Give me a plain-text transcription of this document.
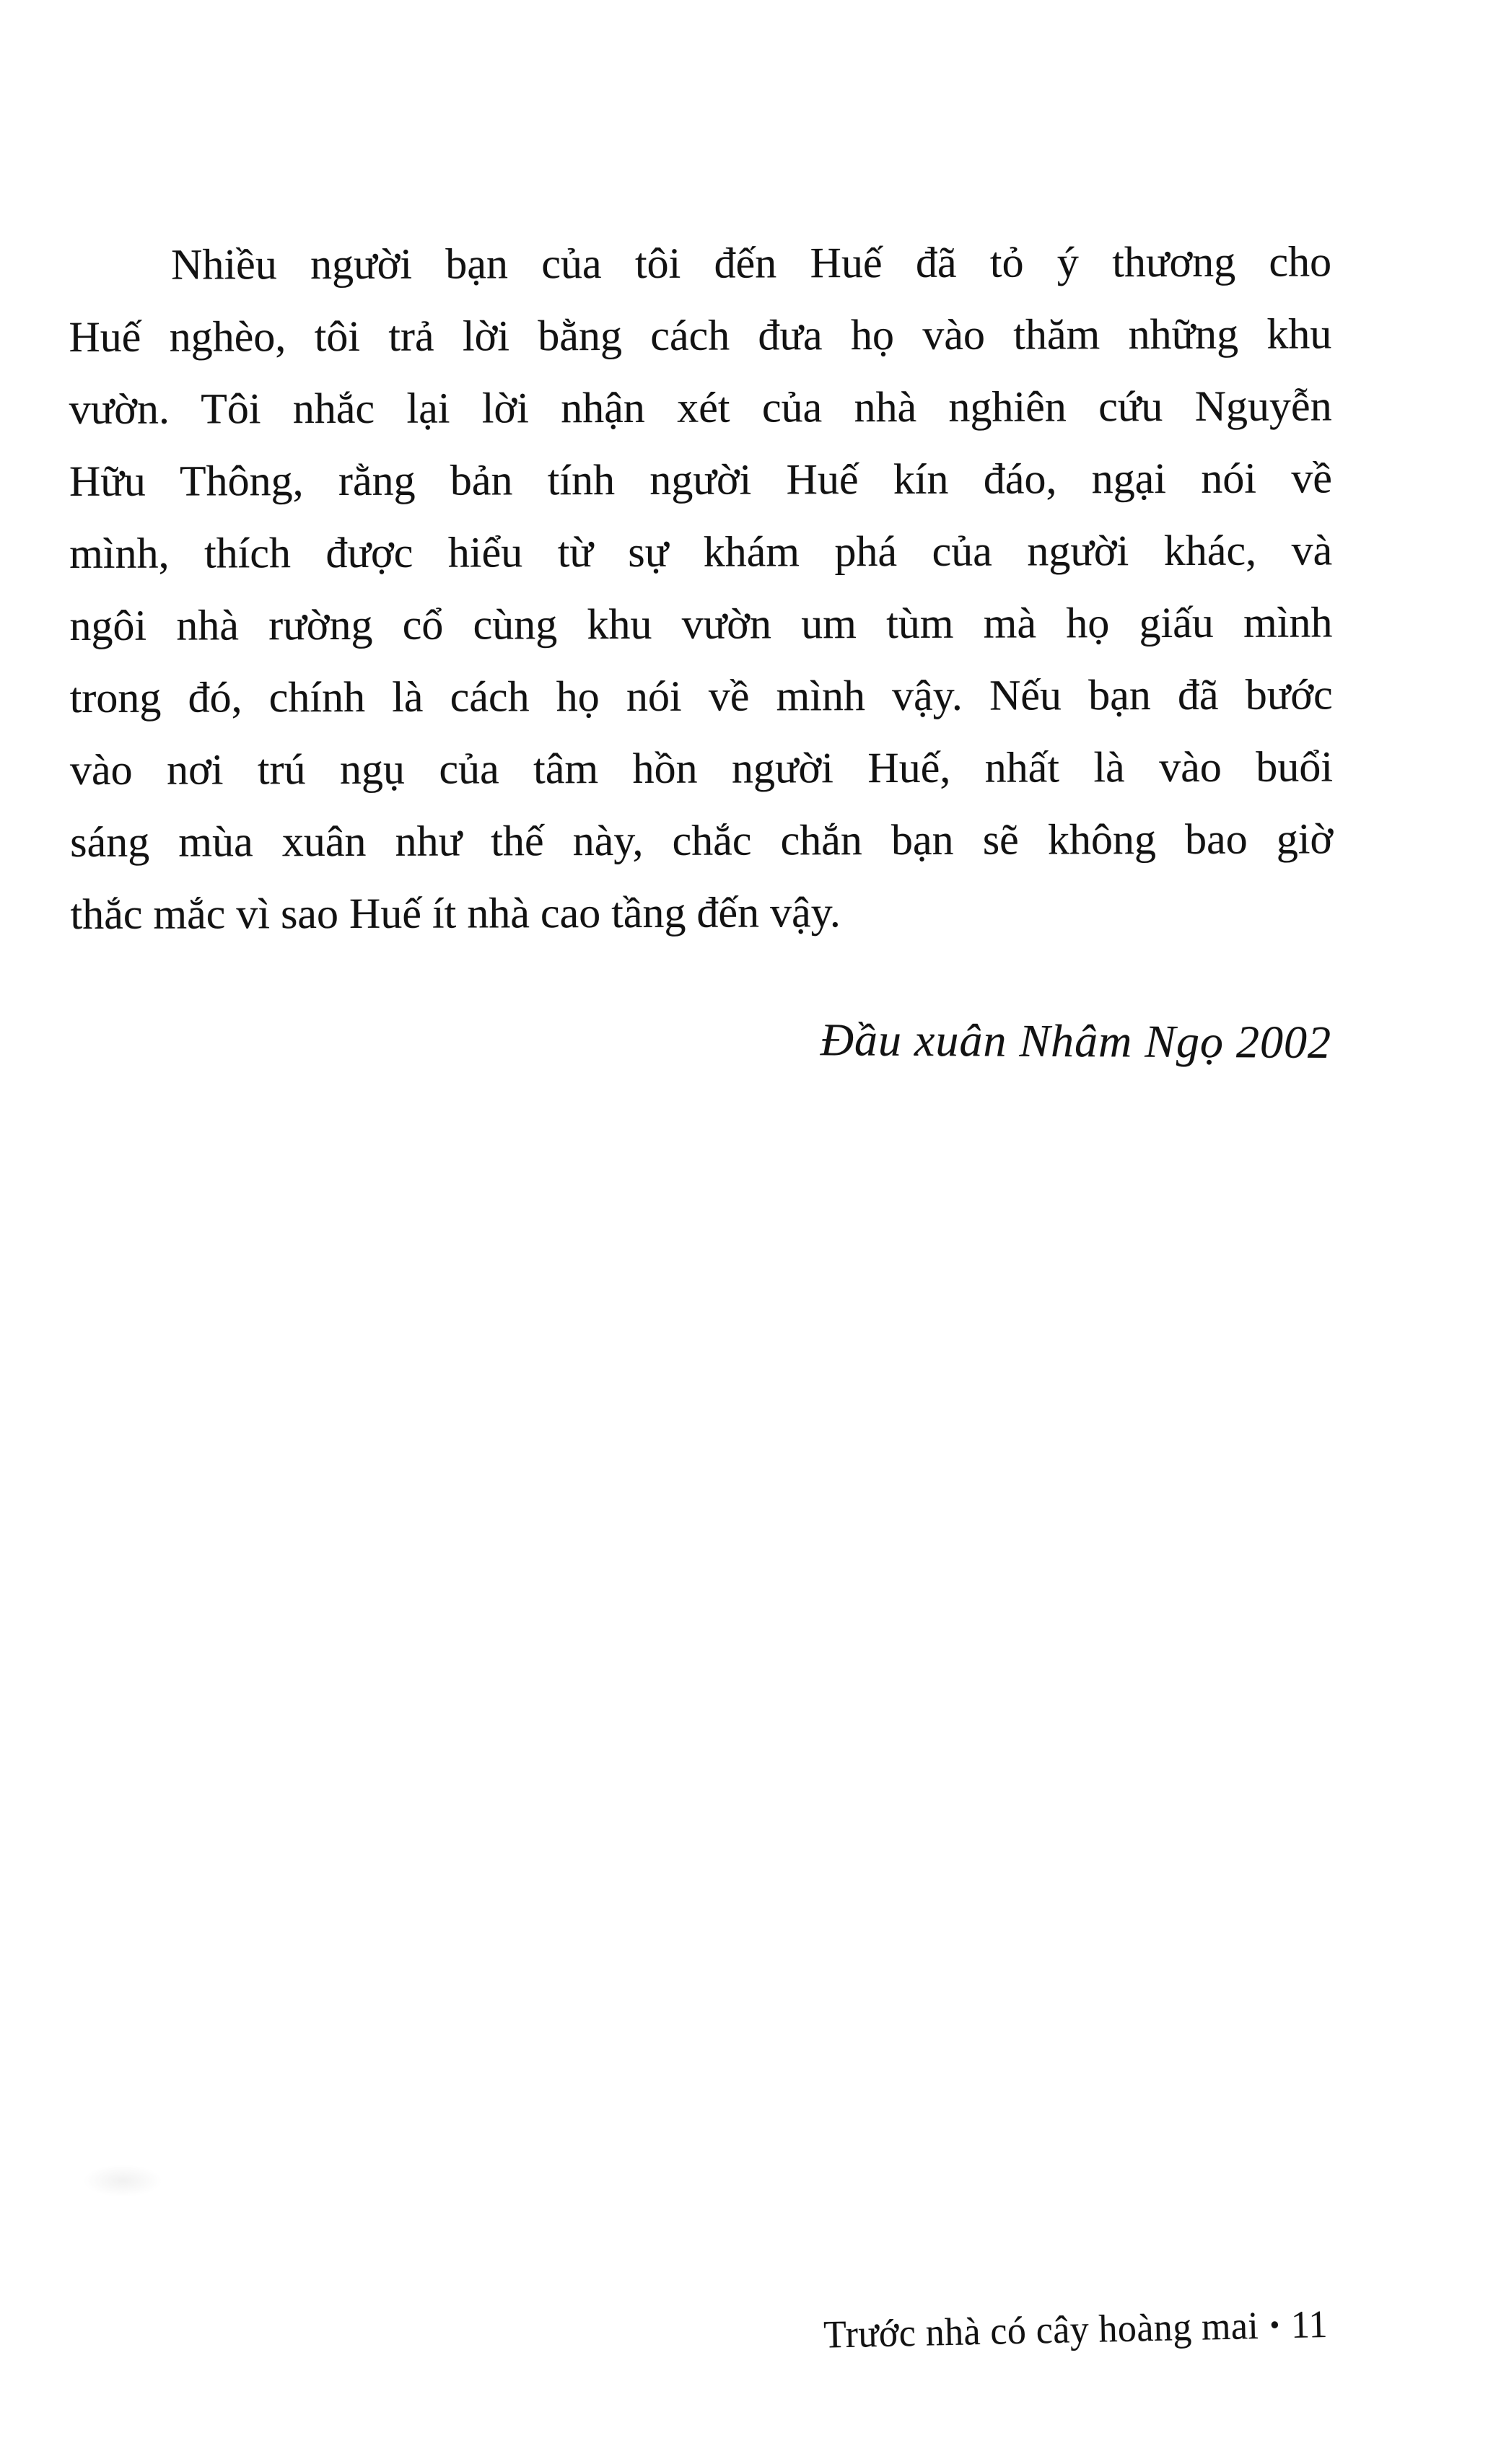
Nhiều người bạn của tôi đến Huế đã tỏ ý thương cho
Huế nghèo, tôi trả lời bằng cách đưa họ vào thăm những khu
vườn. Tôi nhắc lại lời nhận xét của nhà nghiên cứu Nguyễn
Hữu Thông, rằng bản tính người Huế kín đáo, ngại nói về
mình, thích được hiểu từ sự khám phá của người khác, và
ngôi nhà rường cổ cùng khu vườn um tùm mà họ giấu mình
trong đó, chính là cách họ nói về mình vậy. Nếu bạn đã bước
vào nơi trú ngụ của tâm hồn người Huế, nhất là vào buổi
sáng mùa xuân như thế này, chắc chắn bạn sẽ không bao giờ
thắc mắc vì sao Huế ít nhà cao tầng đến vậy.
Đầu xuân Nhâm Ngọ 2002
Trước nhà có cây hoàng mai • 11
